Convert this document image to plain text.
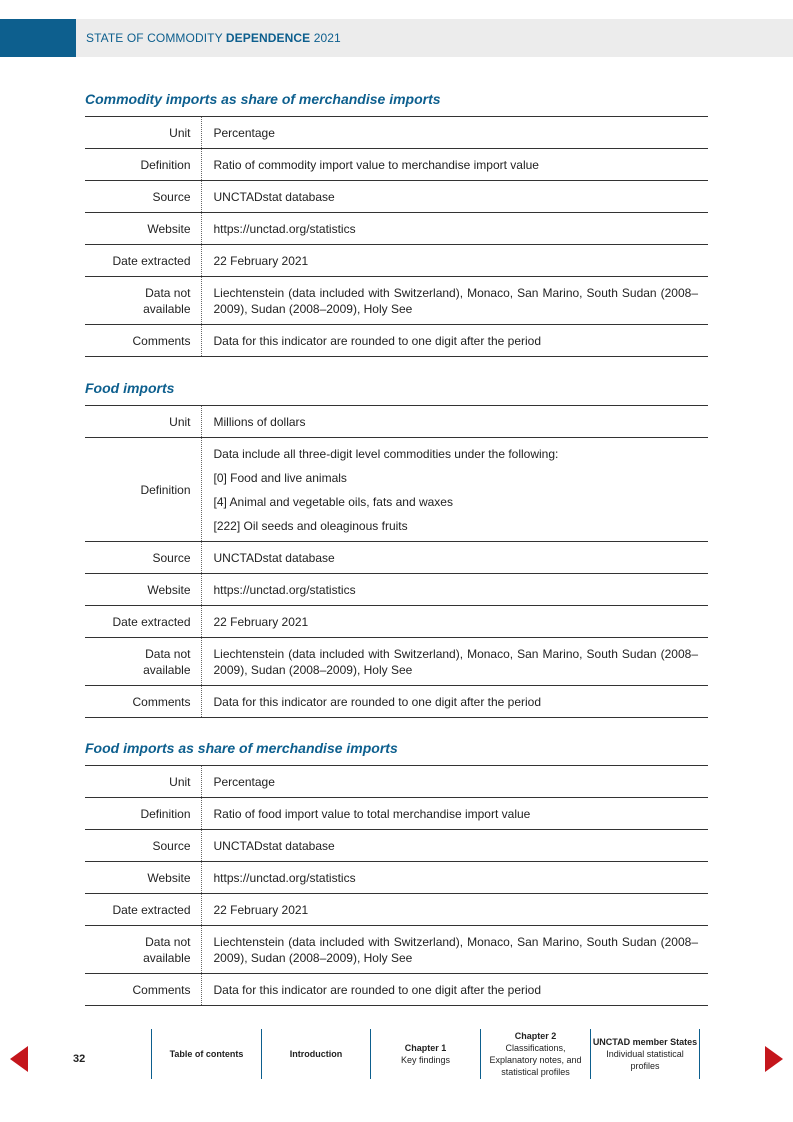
STATE OF COMMODITY DEPENDENCE 2021
Commodity imports as share of merchandise imports
Unit	Percentage
Definition	Ratio of commodity import value to merchandise import value
Source	UNCTADstat database
Website	https://unctad.org/statistics
Date extracted	22 February 2021
Data not
available	Liechtenstein (data included with Switzerland), Monaco, San Marino, South Sudan (2008–2009), Sudan (2008–2009), Holy See
Comments	Data for this indicator are rounded to one digit after the period
Food imports
Unit	Millions of dollars
Definition	Data include all three-digit level commodities under the following:
[0] Food and live animals
[4] Animal and vegetable oils, fats and waxes
[222] Oil seeds and oleaginous fruits

Source	UNCTADstat database
Website	https://unctad.org/statistics
Date extracted	22 February 2021
Data not
available	Liechtenstein (data included with Switzerland), Monaco, San Marino, South Sudan (2008–2009), Sudan (2008–2009), Holy See
Comments	Data for this indicator are rounded to one digit after the period
Food imports as share of merchandise imports
Unit	Percentage
Definition	Ratio of food import value to total merchandise import value
Source	UNCTADstat database
Website	https://unctad.org/statistics
Date extracted	22 February 2021
Data not
available	Liechtenstein (data included with Switzerland), Monaco, San Marino, South Sudan (2008–2009), Sudan (2008–2009), Holy See
Comments	Data for this indicator are rounded to one digit after the period
32	Table of contents	Introduction
Chapter 1
Key findings
Chapter 2
Classifications,
Explanatory notes, and
statistical profiles
UNCTAD member States
Individual statistical
profiles
